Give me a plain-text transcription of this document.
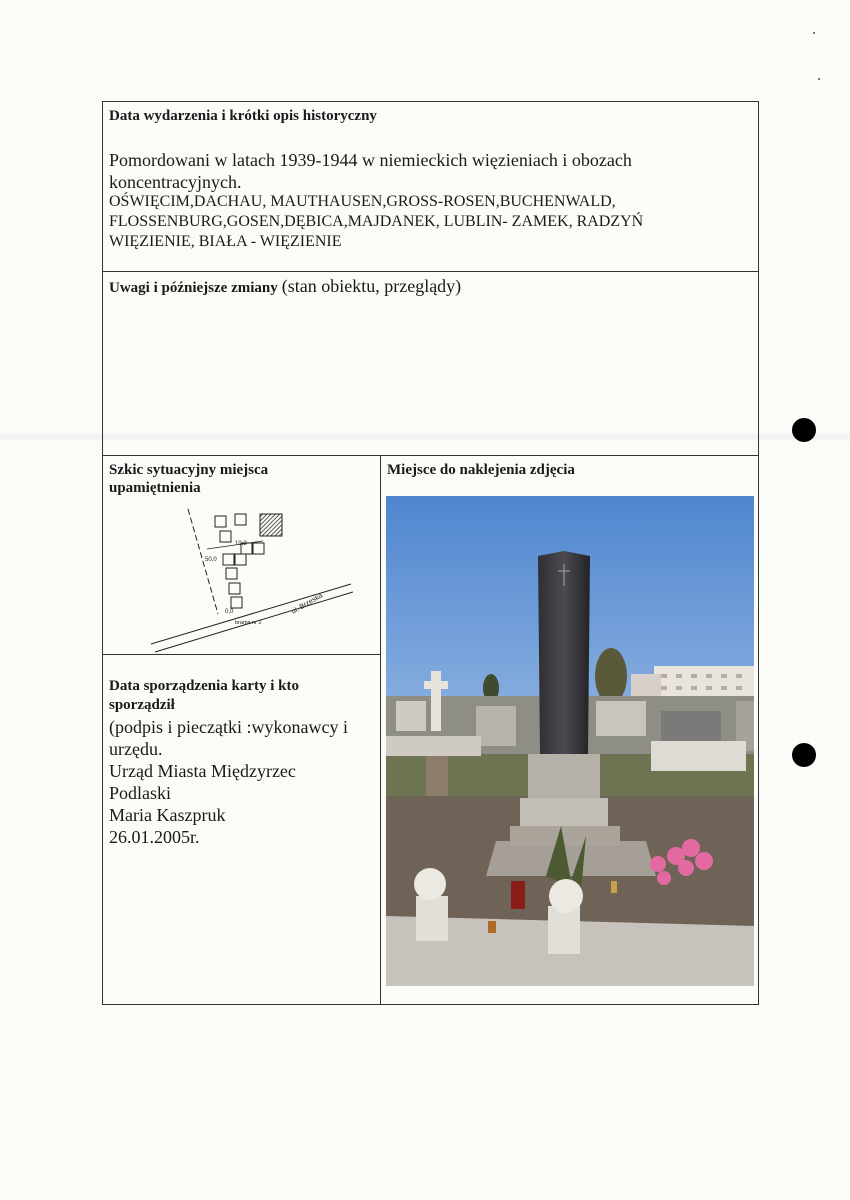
Data wydarzenia i krótki opis historyczny
Pomordowani w latach 1939-1944 w niemieckich więzieniach i obozach
koncentracyjnych.
OŚWIĘCIM,DACHAU, MAUTHAUSEN,GROSS-ROSEN,BUCHENWALD,
FLOSSENBURG,GOSEN,DĘBICA,MAJDANEK, LUBLIN- ZAMEK, RADZYŃ
WIĘZIENIE, BIAŁA - WIĘZIENIE
Uwagi i późniejsze zmiany (stan obiektu, przeglądy)
Szkic sytuacyjny miejsca
upamiętnienia
50,0
10,3
0,0
brama nr 2
ul. Brzeska
Data sporządzenia karty i kto
sporządził
(podpis i pieczątki :wykonawcy i
urzędu.
Urząd Miasta Międzyrzec
Podlaski
Maria Kaszpruk
26.01.2005r.
Miejsce do naklejenia zdjęcia
